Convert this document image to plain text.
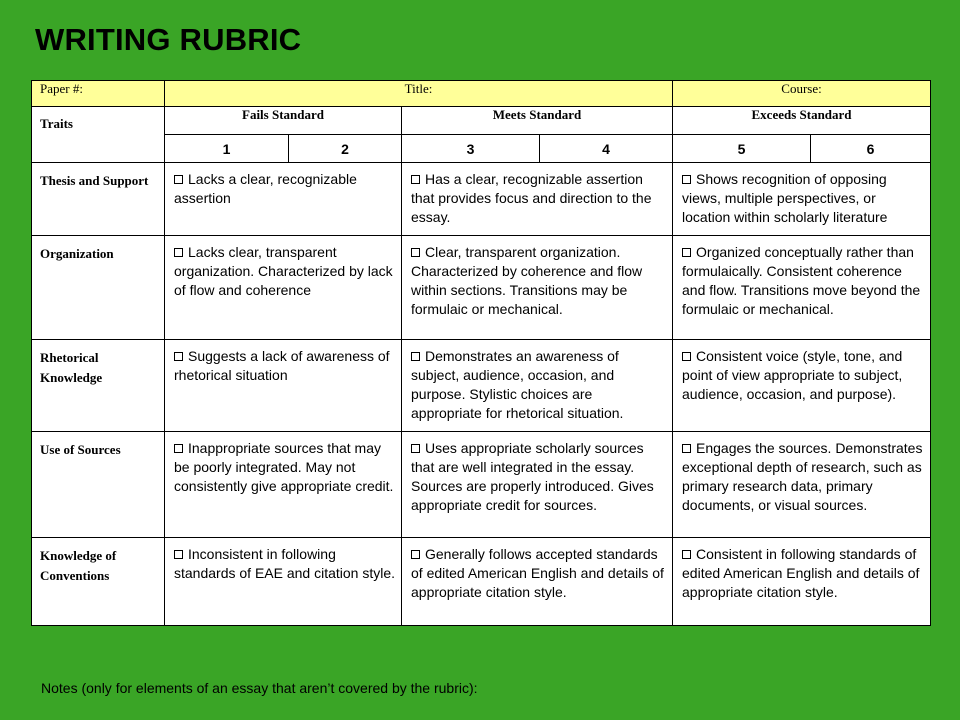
WRITING RUBRIC
Paper #:	Title:				Course:	
Traits	Fails Standard		Meets Standard		Exceeds Standard	
	1	2	3	4	5	6
Thesis and Support	Lacks a clear, recognizable assertion		Has a clear, recognizable assertion that provides focus and direction to the essay.		Shows recognition of opposing views, multiple perspectives, or location within scholarly literature	
Organization	Lacks clear, transparent organization. Characterized by lack of flow and coherence		Clear, transparent organization. Characterized by coherence and flow within sections. Transitions may be formulaic or mechanical.		Organized conceptually rather than formulaically. Consistent coherence and flow. Transitions move beyond the formulaic or mechanical.	
Rhetorical Knowledge	Suggests a lack of awareness of rhetorical situation		Demonstrates an awareness of subject, audience, occasion, and purpose. Stylistic choices are appropriate for rhetorical situation.		Consistent voice (style, tone, and point of view appropriate to subject, audience, occasion, and purpose).	
Use of Sources	Inappropriate sources that may be poorly integrated. May not consistently give appropriate credit.		Uses appropriate scholarly sources that are well integrated in the essay. Sources are properly introduced. Gives appropriate credit for sources.		Engages the sources. Demonstrates exceptional depth of research, such as primary research data, primary documents, or visual sources.	
Knowledge of Conventions	Inconsistent in following standards of EAE and citation style.		Generally follows accepted standards of edited American English and details of appropriate citation style.		Consistent in following standards of edited American English and details of appropriate citation style.	
Notes (only for elements of an essay that aren’t covered by the rubric):
